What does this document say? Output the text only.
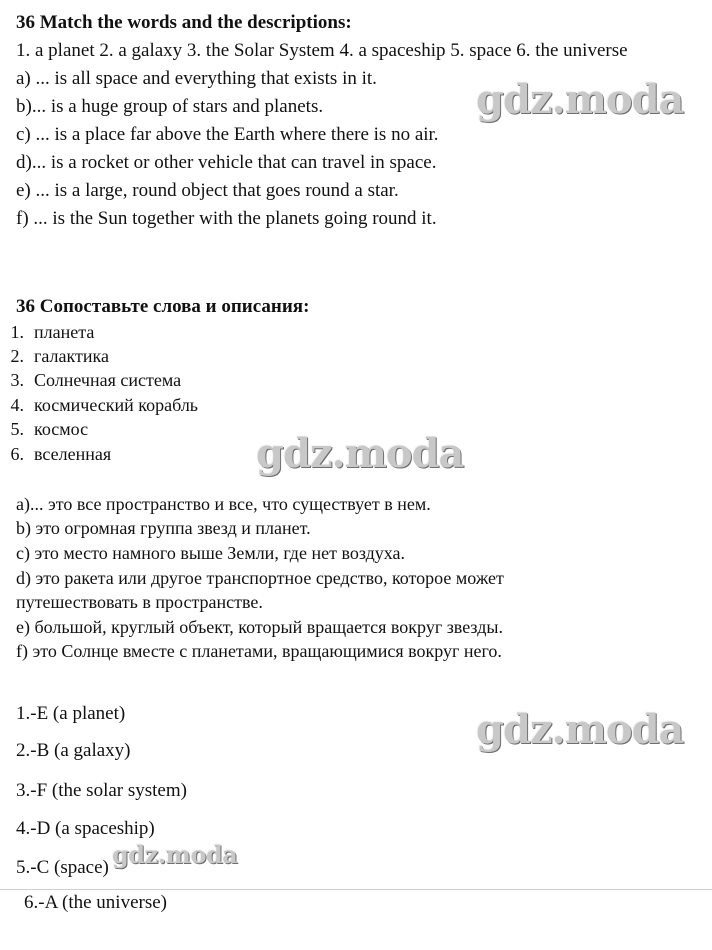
36 Match the words and the descriptions:
1. a planet 2. a galaxy 3. the Solar System 4. a spaceship 5. space 6. the universe
a) ... is all space and everything that exists in it.
b)... is a huge group of stars and planets.
c) ... is a place far above the Earth where there is no air.
d)... is a rocket or other vehicle that can travel in space.
e) ... is a large, round object that goes round a star.
f) ... is the Sun together with the planets going round it.
36 Сопоставьте слова и описания:
1. планета
2. галактика
3. Солнечная система
4. космический корабль
5. космос
6. вселенная
а)... это все пространство и все, что существует в нем.
b) это огромная группа звезд и планет.
с) это место намного выше Земли, где нет воздуха.
d) это ракета или другое транспортное средство, которое может
путешествовать в пространстве.
е) большой, круглый объект, который вращается вокруг звезды.
f) это Солнце вместе с планетами, вращающимися вокруг него.
1.-E (a planet)
2.-B (a galaxy)
3.-F (the solar system)
4.-D (a spaceship)
5.-C (space)
6.-A (the universe)
gdz.moda
gdz.moda
gdz.moda
gdz.moda
